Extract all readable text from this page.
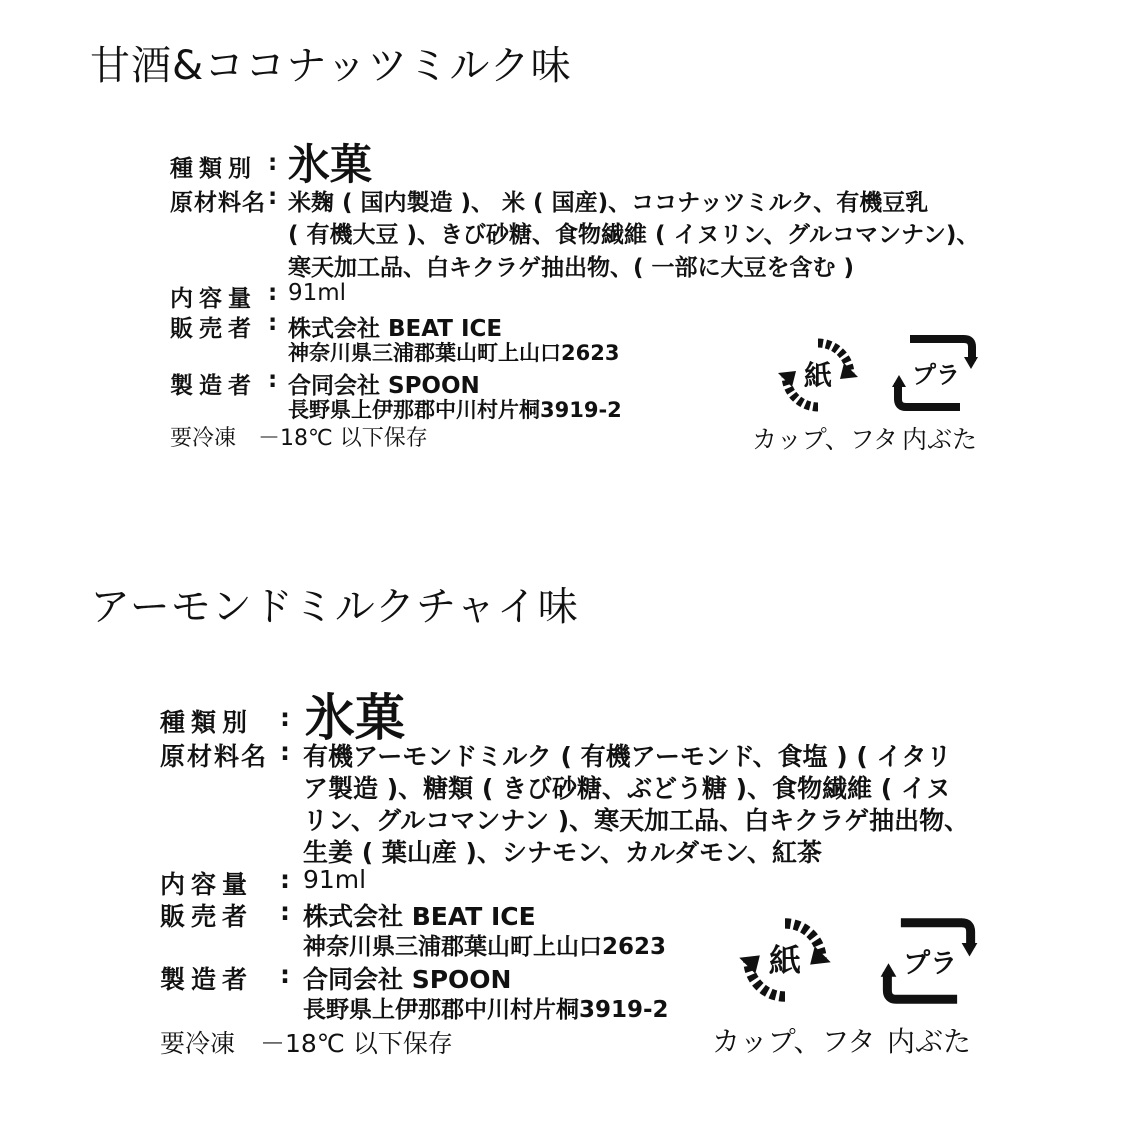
甘酒&ココナッツミルク味
種類別 : 氷菓
原材料名 : 米麹 ( 国内製造 )、 米 ( 国産)、ココナッツミルク、有機豆乳
( 有機大豆 )、きび砂糖、食物繊維 ( イヌリン、グルコマンナン)、
寒天加工品、白キクラゲ抽出物、( 一部に大豆を含む )
内容量 : 91ml
販売者 : 株式会社 BEAT ICE
神奈川県三浦郡葉山町上山口2623
製造者 : 合同会社 SPOON
長野県上伊那郡中川村片桐3919-2
要冷凍　－18℃ 以下保存
紙
カップ、フタ
プラ
内ぶた
アーモンドミルクチャイ味
種類別 : 氷菓
原材料名 : 有機アーモンドミルク ( 有機アーモンド、食塩 ) ( イタリ
ア製造 )、糖類 ( きび砂糖、ぶどう糖 )、食物繊維 ( イヌ
リン、グルコマンナン )、寒天加工品、白キクラゲ抽出物、
生姜 ( 葉山産 )、シナモン、カルダモン、紅茶
内容量 : 91ml
販売者 : 株式会社 BEAT ICE
神奈川県三浦郡葉山町上山口2623
製造者 : 合同会社 SPOON
長野県上伊那郡中川村片桐3919-2
要冷凍　－18℃ 以下保存
紙
カップ、フタ
プラ
内ぶた
